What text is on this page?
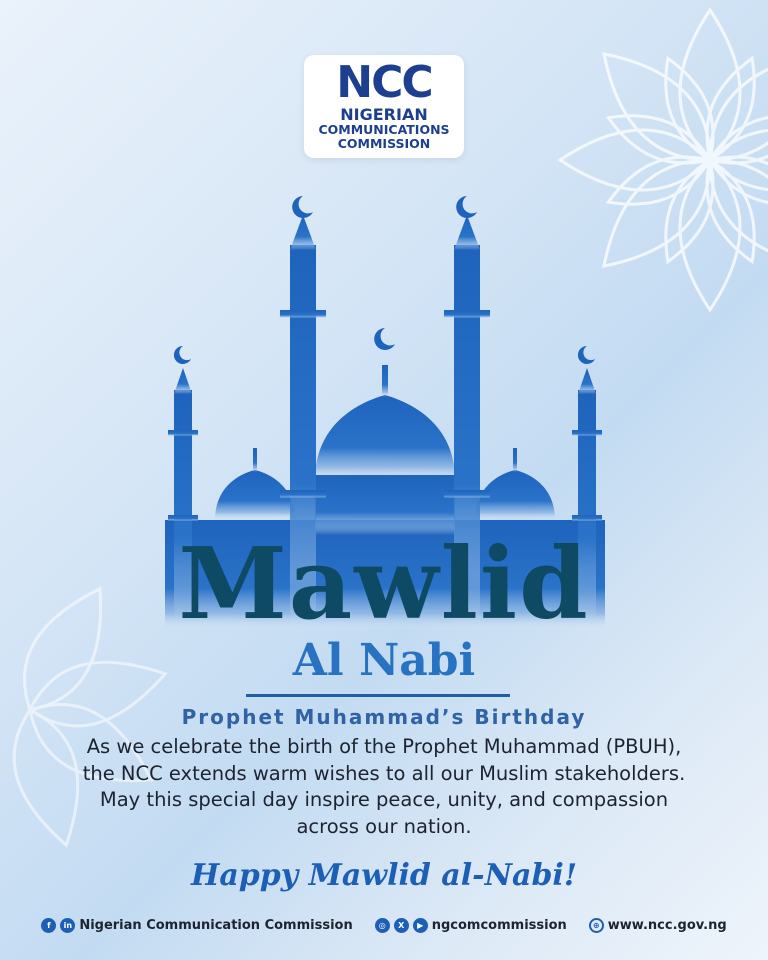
NCC
NIGERIAN
COMMUNICATIONS
COMMISSION
Mawlid
Al Nabi
Prophet Muhammad’s Birthday
As we celebrate the birth of the Prophet Muhammad (PBUH),
the NCC extends warm wishes to all our Muslim stakeholders.
May this special day inspire peace, unity, and compassion
across our nation.
Happy Mawlid al-Nabi!
f	in Nigerian Communication Commission	◎	X	▶ ngcomcommission	⊕ www.ncc.gov.ng
